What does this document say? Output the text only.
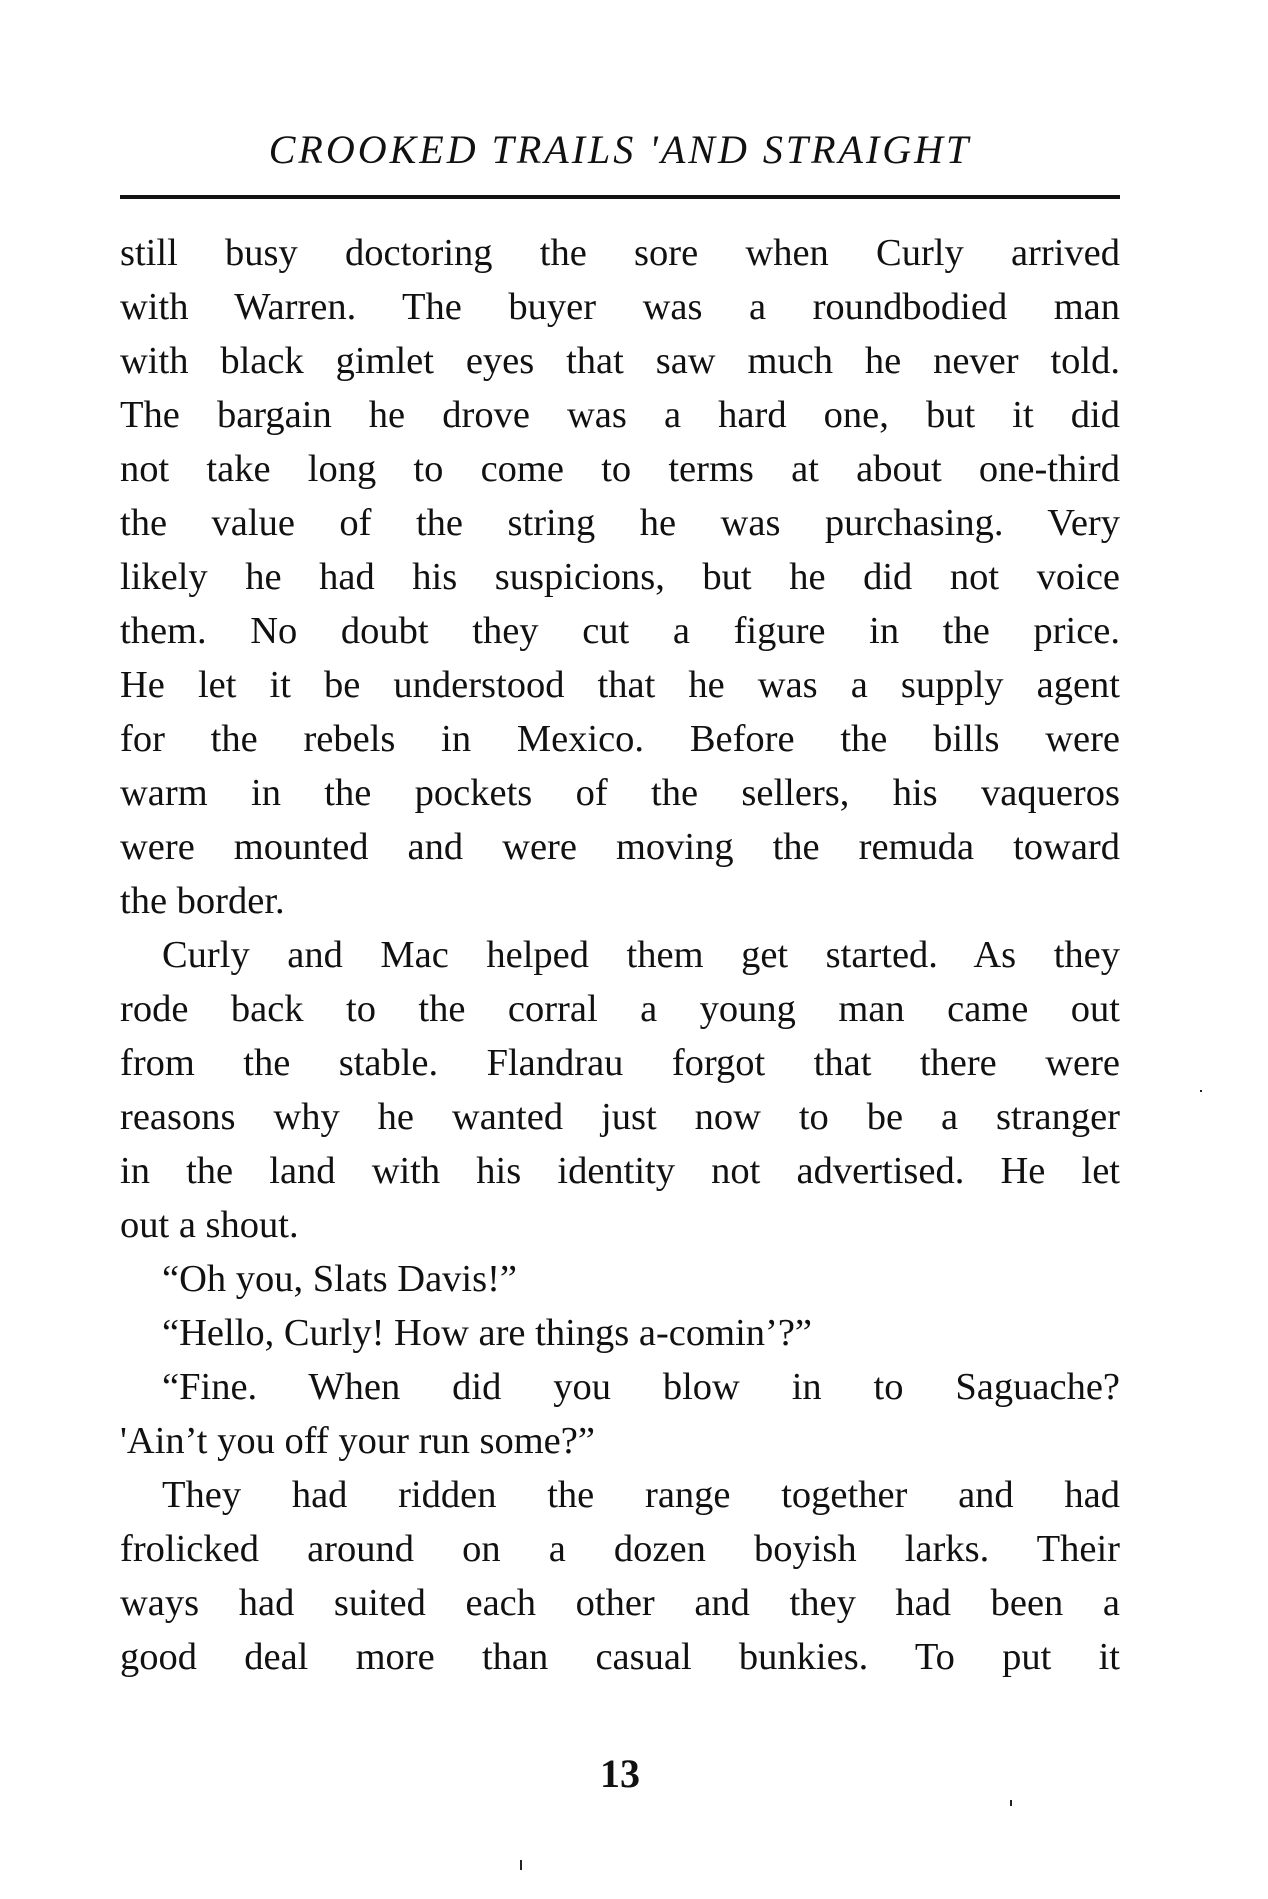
CROOKED TRAILS 'AND STRAIGHT
still busy doctoring the sore when Curly arrived
with Warren. The buyer was a roundbodied man
with black gimlet eyes that saw much he never told.
The bargain he drove was a hard one, but it did
not take long to come to terms at about one-third
the value of the string he was purchasing. Very
likely he had his suspicions, but he did not voice
them. No doubt they cut a figure in the price.
He let it be understood that he was a supply agent
for the rebels in Mexico. Before the bills were
warm in the pockets of the sellers, his vaqueros
were mounted and were moving the remuda toward
the border.
Curly and Mac helped them get started. As they
rode back to the corral a young man came out
from the stable. Flandrau forgot that there were
reasons why he wanted just now to be a stranger
in the land with his identity not advertised. He let
out a shout.
“Oh you, Slats Davis!”
“Hello, Curly! How are things a-comin’?”
“Fine. When did you blow in to Saguache?
'Ain’t you off your run some?”
They had ridden the range together and had
frolicked around on a dozen boyish larks. Their
ways had suited each other and they had been a
good deal more than casual bunkies. To put it
13
